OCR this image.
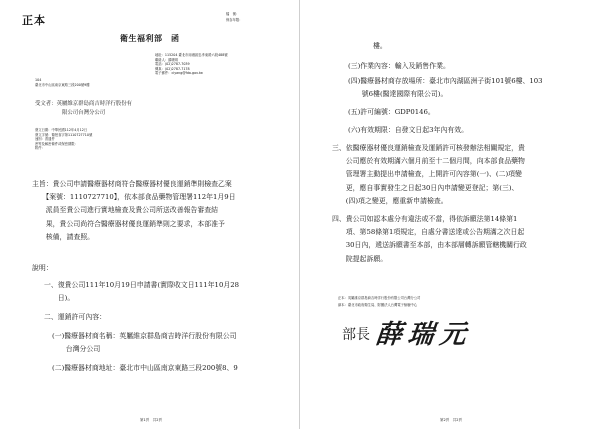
正本	檔　號：
保存年限：
衛生福利部　函
地址：115204 臺北市南港區忠孝東路六段488號
聯絡人：蘇曉琪
電話：(02)2787-7039
傳真：(02)2787-7178
電子郵件：ciyang@fda.gov.tw
104
臺北市中山區南京東路三段200號9樓
受文者：英屬維京群島商吉時洋行股份有
限公司台灣分公司
發文日期：中華民國112年4月12日
發文字號：衛授食字第1110727710號
速別：普通件
密等及解密條件或保密期限：
附件：
主旨：貴公司申請醫療器材商符合醫療器材優良運銷準則檢查乙案
　　【案號：1110727710】，依本部食品藥物管理署112年1月9日
　　派員至貴公司進行實地檢查及貴公司所送改善報告審查結
　　果，貴公司尚符合醫療器材優良運銷準則之要求，本部准予
　　核備，請查照。
說明：
一、復貴公司111年10月19日申請書(實際收文日111年10月28
　　日)。
二、運銷許可內容：
(一)醫療器材商名稱：英屬維京群島商吉時洋行股份有限公司
　　台灣分公司
(二)醫療器材商地址：臺北市中山區南京東路三段200號8、9
第1頁　共2頁
樓。
(三)作業內容：輸入及銷售作業。
(四)醫療器材商存放場所：臺北市內湖區洲子街101號6樓、103
　　號6樓(醫達國際有限公司)。
(五)許可編號：GDP0146。
(六)有效期限：自發文日起3年內有效。
三、依醫療器材優良運銷檢查及運銷許可核發辦法相關規定，貴
　　公司應於有效期滿六個月前至十二個月間，向本部食品藥物
　　管理署主動提出申請檢查，上開許可內容第(一)、(二)項變
　　更，應自事實發生之日起30日內申請變更登記；第(三)、
　　(四)項之變更，應重新申請檢查。
四、貴公司如認本處分有違法或不當，得依訴願法第14條第1
　　項、第58條第1項規定，自處分書送達或公告期滿之次日起
　　30日內，遞送訴願書至本部，由本部層轉訴願管轄機關行政
　　院提起訴願。
正本：英屬維京群島商吉時洋行股份有限公司台灣分公司
副本：臺北市政府衛生局、財團法人台灣電子檢驗中心
部長 薛瑞元
第2頁　共2頁
